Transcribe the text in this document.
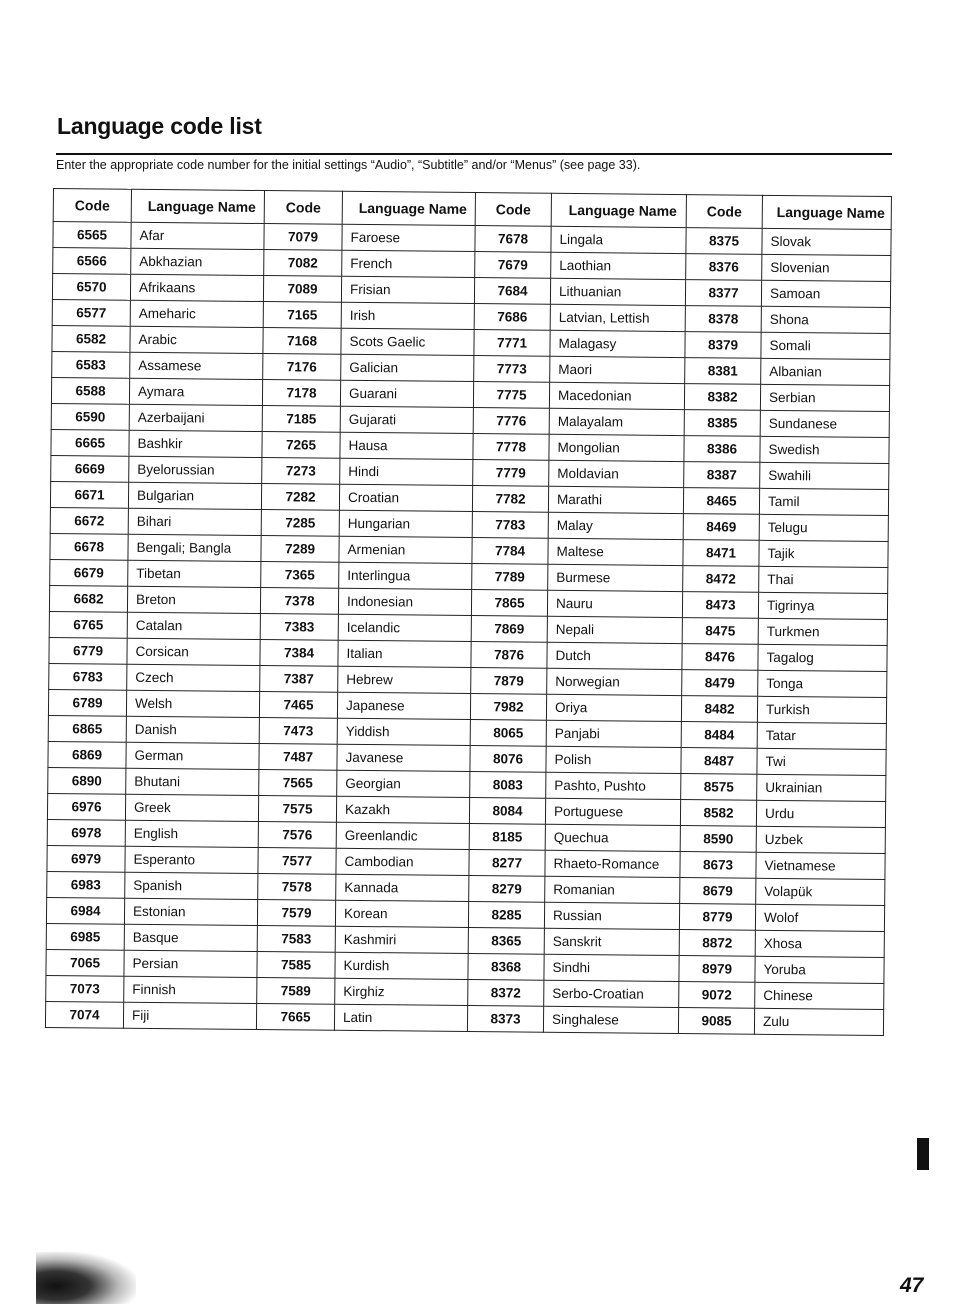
Language code list
Enter the appropriate code number for the initial settings “Audio”, “Subtitle” and/or “Menus” (see page 33).
Code	Language Name	Code	Language Name	Code	Language Name	Code	Language Name
6565	Afar	7079	Faroese	7678	Lingala	8375	Slovak
6566	Abkhazian	7082	French	7679	Laothian	8376	Slovenian
6570	Afrikaans	7089	Frisian	7684	Lithuanian	8377	Samoan
6577	Ameharic	7165	Irish	7686	Latvian, Lettish	8378	Shona
6582	Arabic	7168	Scots Gaelic	7771	Malagasy	8379	Somali
6583	Assamese	7176	Galician	7773	Maori	8381	Albanian
6588	Aymara	7178	Guarani	7775	Macedonian	8382	Serbian
6590	Azerbaijani	7185	Gujarati	7776	Malayalam	8385	Sundanese
6665	Bashkir	7265	Hausa	7778	Mongolian	8386	Swedish
6669	Byelorussian	7273	Hindi	7779	Moldavian	8387	Swahili
6671	Bulgarian	7282	Croatian	7782	Marathi	8465	Tamil
6672	Bihari	7285	Hungarian	7783	Malay	8469	Telugu
6678	Bengali; Bangla	7289	Armenian	7784	Maltese	8471	Tajik
6679	Tibetan	7365	Interlingua	7789	Burmese	8472	Thai
6682	Breton	7378	Indonesian	7865	Nauru	8473	Tigrinya
6765	Catalan	7383	Icelandic	7869	Nepali	8475	Turkmen
6779	Corsican	7384	Italian	7876	Dutch	8476	Tagalog
6783	Czech	7387	Hebrew	7879	Norwegian	8479	Tonga
6789	Welsh	7465	Japanese	7982	Oriya	8482	Turkish
6865	Danish	7473	Yiddish	8065	Panjabi	8484	Tatar
6869	German	7487	Javanese	8076	Polish	8487	Twi
6890	Bhutani	7565	Georgian	8083	Pashto, Pushto	8575	Ukrainian
6976	Greek	7575	Kazakh	8084	Portuguese	8582	Urdu
6978	English	7576	Greenlandic	8185	Quechua	8590	Uzbek
6979	Esperanto	7577	Cambodian	8277	Rhaeto-Romance	8673	Vietnamese
6983	Spanish	7578	Kannada	8279	Romanian	8679	Volapük
6984	Estonian	7579	Korean	8285	Russian	8779	Wolof
6985	Basque	7583	Kashmiri	8365	Sanskrit	8872	Xhosa
7065	Persian	7585	Kurdish	8368	Sindhi	8979	Yoruba
7073	Finnish	7589	Kirghiz	8372	Serbo-Croatian	9072	Chinese
7074	Fiji	7665	Latin	8373	Singhalese	9085	Zulu
47
